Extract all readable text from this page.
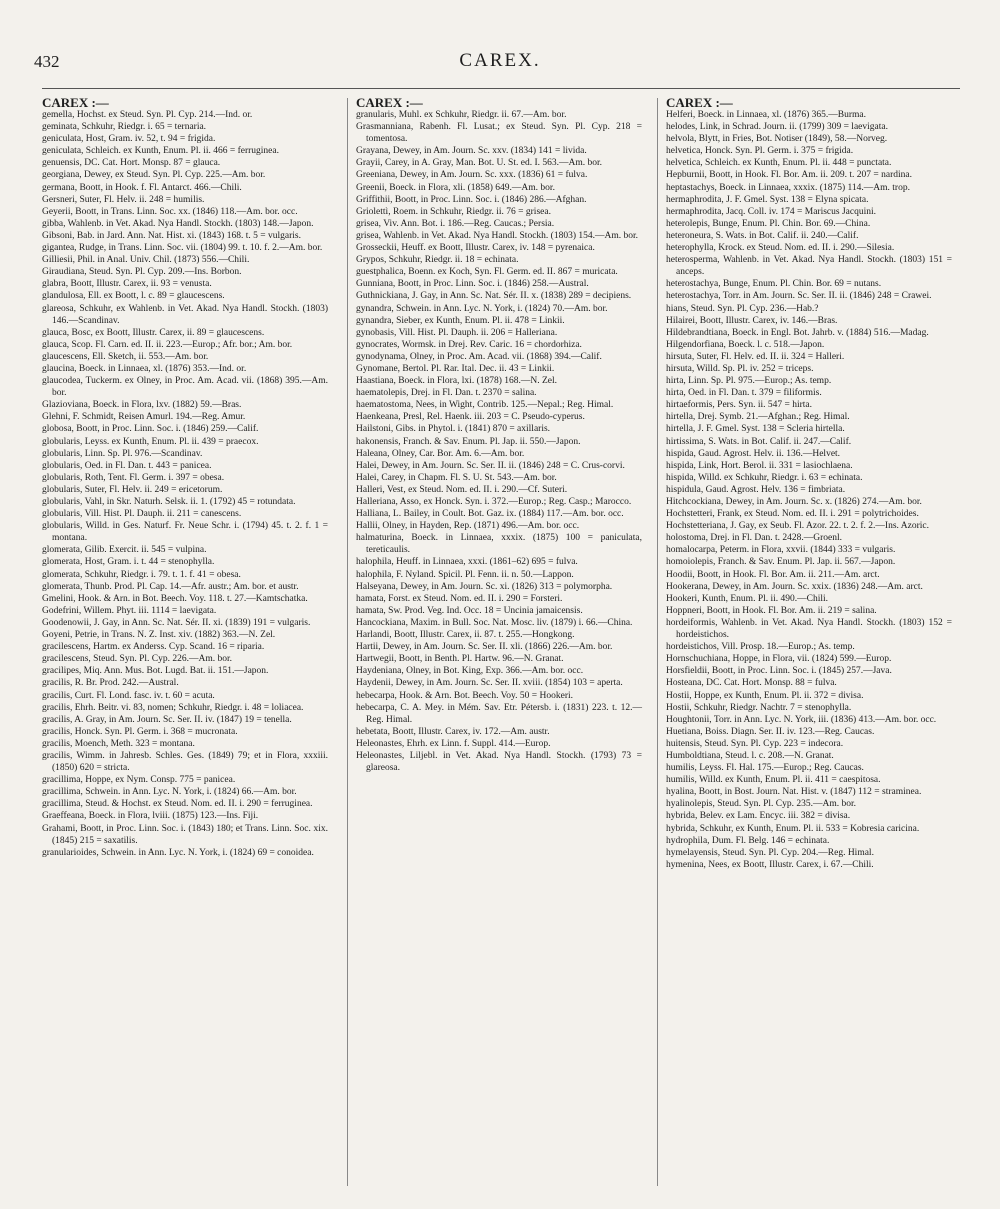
432	CAREX.
CAREX :—
gemella, Hochst. ex Steud. Syn. Pl. Cyp. 214.—Ind. or.
geminata, Schkuhr, Riedgr. i. 65 = ternaria.
geniculata, Host, Gram. iv. 52, t. 94 = frigida.
geniculata, Schleich. ex Kunth, Enum. Pl. ii. 466 = ferruginea.
genuensis, DC. Cat. Hort. Monsp. 87 = glauca.
georgiana, Dewey, ex Steud. Syn. Pl. Cyp. 225.—Am. bor.
germana, Boott, in Hook. f. Fl. Antarct. 466.—Chili.
Gersneri, Suter, Fl. Helv. ii. 248 = humilis.
Geyerii, Boott, in Trans. Linn. Soc. xx. (1846) 118.—Am. bor. occ.
gibba, Wahlenb. in Vet. Akad. Nya Handl. Stockh. (1803) 148.—Japon.
Gibsoni, Bab. in Jard. Ann. Nat. Hist. xi. (1843) 168. t. 5 = vulgaris.
gigantea, Rudge, in Trans. Linn. Soc. vii. (1804) 99. t. 10. f. 2.—Am. bor.
Gilliesii, Phil. in Anal. Univ. Chil. (1873) 556.—Chili.
Giraudiana, Steud. Syn. Pl. Cyp. 209.—Ins. Borbon.
glabra, Boott, Illustr. Carex, ii. 93 = venusta.
glandulosa, Ell. ex Boott, l. c. 89 = glaucescens.
glareosa, Schkuhr, ex Wahlenb. in Vet. Akad. Nya Handl. Stockh. (1803) 146.—Scandinav.
glauca, Bosc, ex Boott, Illustr. Carex, ii. 89 = glaucescens.
glauca, Scop. Fl. Carn. ed. II. ii. 223.—Europ.; Afr. bor.; Am. bor.
glaucescens, Ell. Sketch, ii. 553.—Am. bor.
glaucina, Boeck. in Linnaea, xl. (1876) 353.—Ind. or.
glaucodea, Tuckerm. ex Olney, in Proc. Am. Acad. vii. (1868) 395.—Am. bor.
Glazioviana, Boeck. in Flora, lxv. (1882) 59.—Bras.
Glehni, F. Schmidt, Reisen Amurl. 194.—Reg. Amur.
globosa, Boott, in Proc. Linn. Soc. i. (1846) 259.—Calif.
globularis, Leyss. ex Kunth, Enum. Pl. ii. 439 = praecox.
globularis, Linn. Sp. Pl. 976.—Scandinav.
globularis, Oed. in Fl. Dan. t. 443 = panicea.
globularis, Roth, Tent. Fl. Germ. i. 397 = obesa.
globularis, Suter, Fl. Helv. ii. 249 = ericetorum.
globularis, Vahl, in Skr. Naturh. Selsk. ii. 1. (1792) 45 = rotundata.
globularis, Vill. Hist. Pl. Dauph. ii. 211 = canescens.
globularis, Willd. in Ges. Naturf. Fr. Neue Schr. i. (1794) 45. t. 2. f. 1 = montana.
glomerata, Gilib. Exercit. ii. 545 = vulpina.
glomerata, Host, Gram. i. t. 44 = stenophylla.
glomerata, Schkuhr, Riedgr. i. 79. t. 1. f. 41 = obesa.
glomerata, Thunb. Prod. Pl. Cap. 14.—Afr. austr.; Am. bor. et austr.
Gmelini, Hook. & Arn. in Bot. Beech. Voy. 118. t. 27.—Kamtschatka.
Godefrini, Willem. Phyt. iii. 1114 = laevigata.
Goodenowii, J. Gay, in Ann. Sc. Nat. Sér. II. xi. (1839) 191 = vulgaris.
Goyeni, Petrie, in Trans. N. Z. Inst. xiv. (1882) 363.—N. Zel.
gracilescens, Hartm. ex Anderss. Cyp. Scand. 16 = riparia.
gracilescens, Steud. Syn. Pl. Cyp. 226.—Am. bor.
gracilipes, Miq. Ann. Mus. Bot. Lugd. Bat. ii. 151.—Japon.
gracilis, R. Br. Prod. 242.—Austral.
gracilis, Curt. Fl. Lond. fasc. iv. t. 60 = acuta.
gracilis, Ehrh. Beitr. vi. 83, nomen; Schkuhr, Riedgr. i. 48 = loliacea.
gracilis, A. Gray, in Am. Journ. Sc. Ser. II. iv. (1847) 19 = tenella.
gracilis, Honck. Syn. Pl. Germ. i. 368 = mucronata.
gracilis, Moench, Meth. 323 = montana.
gracilis, Wimm. in Jahresb. Schles. Ges. (1849) 79; et in Flora, xxxiii. (1850) 620 = stricta.
gracillima, Hoppe, ex Nym. Consp. 775 = panicea.
gracillima, Schwein. in Ann. Lyc. N. York, i. (1824) 66.—Am. bor.
gracillima, Steud. & Hochst. ex Steud. Nom. ed. II. i. 290 = ferruginea.
Graeffeana, Boeck. in Flora, lviii. (1875) 123.—Ins. Fiji.
Grahami, Boott, in Proc. Linn. Soc. i. (1843) 180; et Trans. Linn. Soc. xix. (1845) 215 = saxatilis.
granularioides, Schwein. in Ann. Lyc. N. York, i. (1824) 69 = conoidea.
CAREX :—
granularis, Muhl. ex Schkuhr, Riedgr. ii. 67.—Am. bor.
Grasmanniana, Rabenh. Fl. Lusat.; ex Steud. Syn. Pl. Cyp. 218 = tomentosa.
Grayana, Dewey, in Am. Journ. Sc. xxv. (1834) 141 = livida.
Grayii, Carey, in A. Gray, Man. Bot. U. St. ed. I. 563.—Am. bor.
Greeniana, Dewey, in Am. Journ. Sc. xxx. (1836) 61 = fulva.
Greenii, Boeck. in Flora, xli. (1858) 649.—Am. bor.
Griffithii, Boott, in Proc. Linn. Soc. i. (1846) 286.—Afghan.
Griolettì, Roem. in Schkuhr, Riedgr. ii. 76 = grisea.
grisea, Viv. Ann. Bot. i. 186.—Reg. Caucas.; Persia.
grisea, Wahlenb. in Vet. Akad. Nya Handl. Stockh. (1803) 154.—Am. bor.
Grosseckii, Heuff. ex Boott, Illustr. Carex, iv. 148 = pyrenaica.
Grypos, Schkuhr, Riedgr. ii. 18 = echinata.
guestphalica, Boenn. ex Koch, Syn. Fl. Germ. ed. II. 867 = muricata.
Gunniana, Boott, in Proc. Linn. Soc. i. (1846) 258.—Austral.
Guthnickiana, J. Gay, in Ann. Sc. Nat. Sér. II. x. (1838) 289 = decipiens.
gynandra, Schwein. in Ann. Lyc. N. York, i. (1824) 70.—Am. bor.
gynandra, Sieber, ex Kunth, Enum. Pl. ii. 478 = Linkii.
gynobasis, Vill. Hist. Pl. Dauph. ii. 206 = Halleriana.
gynocrates, Wormsk. in Drej. Rev. Caric. 16 = chordorhiza.
gynodynama, Olney, in Proc. Am. Acad. vii. (1868) 394.—Calif.
Gynomane, Bertol. Pl. Rar. Ital. Dec. ii. 43 = Linkii.
Haastiana, Boeck. in Flora, lxi. (1878) 168.—N. Zel.
haematolepis, Drej. in Fl. Dan. t. 2370 = salina.
haematostoma, Nees, in Wight, Contrib. 125.—Nepal.; Reg. Himal.
Haenkeana, Presl, Rel. Haenk. iii. 203 = C. Pseudo-cyperus.
Hailstoni, Gibs. in Phytol. i. (1841) 870 = axillaris.
hakonensis, Franch. & Sav. Enum. Pl. Jap. ii. 550.—Japon.
Haleana, Olney, Car. Bor. Am. 6.—Am. bor.
Halei, Dewey, in Am. Journ. Sc. Ser. II. ii. (1846) 248 = C. Crus-corvi.
Halei, Carey, in Chapm. Fl. S. U. St. 543.—Am. bor.
Halleri, Vest, ex Steud. Nom. ed. II. i. 290.—Cf. Suteri.
Halleriana, Asso, ex Honck. Syn. i. 372.—Europ.; Reg. Casp.; Marocco.
Halliana, L. Bailey, in Coult. Bot. Gaz. ix. (1884) 117.—Am. bor. occ.
Hallii, Olney, in Hayden, Rep. (1871) 496.—Am. bor. occ.
halmaturina, Boeck. in Linnaea, xxxix. (1875) 100 = paniculata, tereticaulis.
halophila, Heuff. in Linnaea, xxxi. (1861–62) 695 = fulva.
halophila, F. Nyland. Spicil. Pl. Fenn. ii. n. 50.—Lappon.
Halseyana, Dewey, in Am. Journ. Sc. xi. (1826) 313 = polymorpha.
hamata, Forst. ex Steud. Nom. ed. II. i. 290 = Forsteri.
hamata, Sw. Prod. Veg. Ind. Occ. 18 = Uncinia jamaicensis.
Hancockiana, Maxim. in Bull. Soc. Nat. Mosc. liv. (1879) i. 66.—China.
Harlandi, Boott, Illustr. Carex, ii. 87. t. 255.—Hongkong.
Hartii, Dewey, in Am. Journ. Sc. Ser. II. xli. (1866) 226.—Am. bor.
Hartwegii, Boott, in Benth. Pl. Hartw. 96.—N. Granat.
Haydeniana, Olney, in Bot. King, Exp. 366.—Am. bor. occ.
Haydenii, Dewey, in Am. Journ. Sc. Ser. II. xviii. (1854) 103 = aperta.
hebecarpa, Hook. & Arn. Bot. Beech. Voy. 50 = Hookeri.
hebecarpa, C. A. Mey. in Mém. Sav. Etr. Pétersb. i. (1831) 223. t. 12.—Reg. Himal.
hebetata, Boott, Illustr. Carex, iv. 172.—Am. austr.
Heleonastes, Ehrh. ex Linn. f. Suppl. 414.—Europ.
Heleonastes, Liljebl. in Vet. Akad. Nya Handl. Stockh. (1793) 73 = glareosa.
CAREX :—
Helferi, Boeck. in Linnaea, xl. (1876) 365.—Burma.
helodes, Link, in Schrad. Journ. ii. (1799) 309 = laevigata.
helvola, Blytt, in Fries, Bot. Notiser (1849), 58.—Norveg.
helvetica, Honck. Syn. Pl. Germ. i. 375 = frigida.
helvetica, Schleich. ex Kunth, Enum. Pl. ii. 448 = punctata.
Hepburnii, Boott, in Hook. Fl. Bor. Am. ii. 209. t. 207 = nardina.
heptastachys, Boeck. in Linnaea, xxxix. (1875) 114.—Am. trop.
hermaphrodita, J. F. Gmel. Syst. 138 = Elyna spicata.
hermaphrodita, Jacq. Coll. iv. 174 = Mariscus Jacquini.
heterolepis, Bunge, Enum. Pl. Chin. Bor. 69.—China.
heteroneura, S. Wats. in Bot. Calif. ii. 240.—Calif.
heterophylla, Krock. ex Steud. Nom. ed. II. i. 290.—Silesia.
heterosperma, Wahlenb. in Vet. Akad. Nya Handl. Stockh. (1803) 151 = anceps.
heterostachya, Bunge, Enum. Pl. Chin. Bor. 69 = nutans.
heterostachya, Torr. in Am. Journ. Sc. Ser. II. ii. (1846) 248 = Crawei.
hians, Steud. Syn. Pl. Cyp. 236.—Hab.?
Hilairei, Boott, Illustr. Carex, iv. 146.—Bras.
Hildebrandtiana, Boeck. in Engl. Bot. Jahrb. v. (1884) 516.—Madag.
Hilgendorfiana, Boeck. l. c. 518.—Japon.
hirsuta, Suter, Fl. Helv. ed. II. ii. 324 = Halleri.
hirsuta, Willd. Sp. Pl. iv. 252 = triceps.
hirta, Linn. Sp. Pl. 975.—Europ.; As. temp.
hirta, Oed. in Fl. Dan. t. 379 = filiformis.
hirtaeformis, Pers. Syn. ii. 547 = hirta.
hirtella, Drej. Symb. 21.—Afghan.; Reg. Himal.
hirtella, J. F. Gmel. Syst. 138 = Scleria hirtella.
hirtissima, S. Wats. in Bot. Calif. ii. 247.—Calif.
hispida, Gaud. Agrost. Helv. ii. 136.—Helvet.
hispida, Link, Hort. Berol. ii. 331 = lasiochlaena.
hispida, Willd. ex Schkuhr, Riedgr. i. 63 = echinata.
hispidula, Gaud. Agrost. Helv. 136 = fimbriata.
Hitchcockiana, Dewey, in Am. Journ. Sc. x. (1826) 274.—Am. bor.
Hochstetteri, Frank, ex Steud. Nom. ed. II. i. 291 = polytrichoides.
Hochstetteriana, J. Gay, ex Seub. Fl. Azor. 22. t. 2. f. 2.—Ins. Azoric.
holostoma, Drej. in Fl. Dan. t. 2428.—Groenl.
homalocarpa, Peterm. in Flora, xxvii. (1844) 333 = vulgaris.
homoiolepis, Franch. & Sav. Enum. Pl. Jap. ii. 567.—Japon.
Hoodii, Boott, in Hook. Fl. Bor. Am. ii. 211.—Am. arct.
Hookerana, Dewey, in Am. Journ. Sc. xxix. (1836) 248.—Am. arct.
Hookeri, Kunth, Enum. Pl. ii. 490.—Chili.
Hoppneri, Boott, in Hook. Fl. Bor. Am. ii. 219 = salina.
hordeiformis, Wahlenb. in Vet. Akad. Nya Handl. Stockh. (1803) 152 = hordeistichos.
hordeistichos, Vill. Prosp. 18.—Europ.; As. temp.
Hornschuchiana, Hoppe, in Flora, vii. (1824) 599.—Europ.
Horsfieldii, Boott, in Proc. Linn. Soc. i. (1845) 257.—Java.
Hosteana, DC. Cat. Hort. Monsp. 88 = fulva.
Hostii, Hoppe, ex Kunth, Enum. Pl. ii. 372 = divisa.
Hostii, Schkuhr, Riedgr. Nachtr. 7 = stenophylla.
Houghtonii, Torr. in Ann. Lyc. N. York, iii. (1836) 413.—Am. bor. occ.
Huetiana, Boiss. Diagn. Ser. II. iv. 123.—Reg. Caucas.
huitensis, Steud. Syn. Pl. Cyp. 223 = indecora.
Humboldtiana, Steud. l. c. 208.—N. Granat.
humilis, Leyss. Fl. Hal. 175.—Europ.; Reg. Caucas.
humilis, Willd. ex Kunth, Enum. Pl. ii. 411 = caespitosa.
hyalina, Boott, in Bost. Journ. Nat. Hist. v. (1847) 112 = straminea.
hyalinolepis, Steud. Syn. Pl. Cyp. 235.—Am. bor.
hybrida, Belev. ex Lam. Encyc. iii. 382 = divisa.
hybrida, Schkuhr, ex Kunth, Enum. Pl. ii. 533 = Kobresia caricina.
hydrophila, Dum. Fl. Belg. 146 = echinata.
hymelayensis, Steud. Syn. Pl. Cyp. 204.—Reg. Himal.
hymenina, Nees, ex Boott, Illustr. Carex, i. 67.—Chili.
